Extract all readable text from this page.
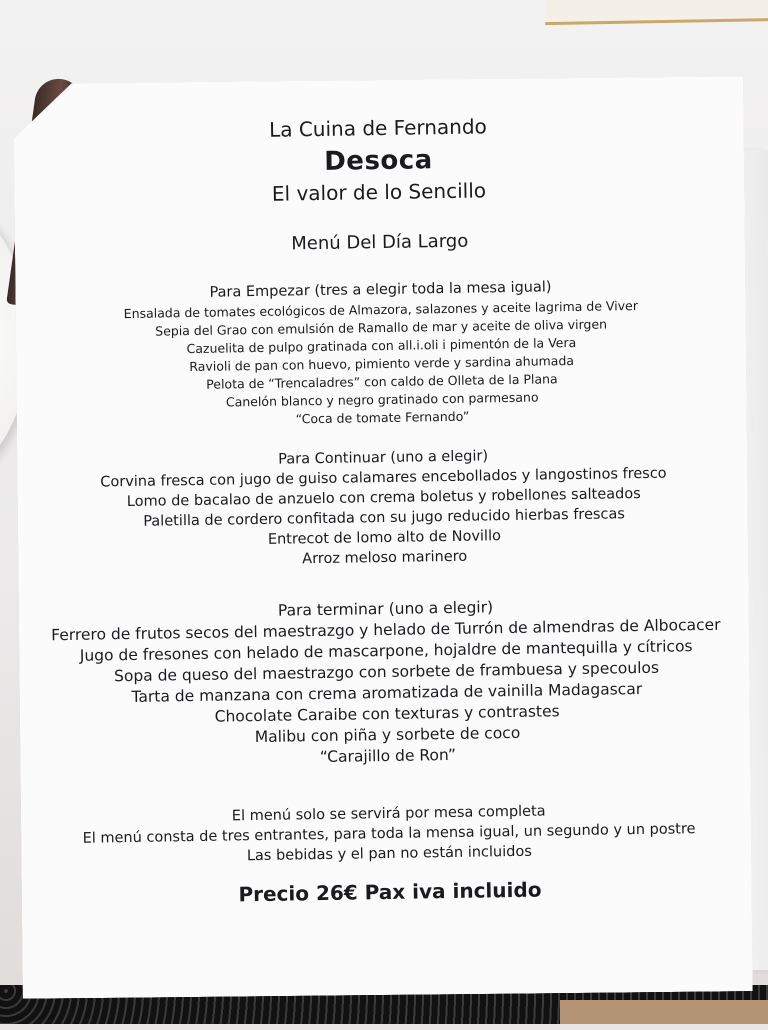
La Cuina de Fernando
Desoca
El valor de lo Sencillo
Menú Del Día Largo
Para Empezar (tres a elegir toda la mesa igual)
Ensalada de tomates ecológicos de Almazora, salazones y aceite lagrima de Viver
Sepia del Grao con emulsión de Ramallo de mar y aceite de oliva virgen
Cazuelita de pulpo gratinada con all.i.oli i pimentón de la Vera
Ravioli de pan con huevo, pimiento verde y sardina ahumada
Pelota de “Trencaladres” con caldo de Olleta de la Plana
Canelón blanco y negro gratinado con parmesano
“Coca de tomate Fernando”
Para Continuar (uno a elegir)
Corvina fresca con jugo de guiso calamares encebollados y langostinos fresco
Lomo de bacalao de anzuelo con crema boletus y robellones salteados
Paletilla de cordero confitada con su jugo reducido hierbas frescas
Entrecot de lomo alto de Novillo
Arroz meloso marinero
Para terminar (uno a elegir)
Ferrero de frutos secos del maestrazgo y helado de Turrón de almendras de Albocacer
Jugo de fresones con helado de mascarpone, hojaldre de mantequilla y cítricos
Sopa de queso del maestrazgo con sorbete de frambuesa y specoulos
Tarta de manzana con crema aromatizada de vainilla Madagascar
Chocolate Caraibe con texturas y contrastes
Malibu con piña y sorbete de coco
“Carajillo de Ron”
El menú solo se servirá por mesa completa
El menú consta de tres entrantes, para toda la mensa igual, un segundo y un postre
Las bebidas y el pan no están incluidos
Precio 26€ Pax iva incluido
